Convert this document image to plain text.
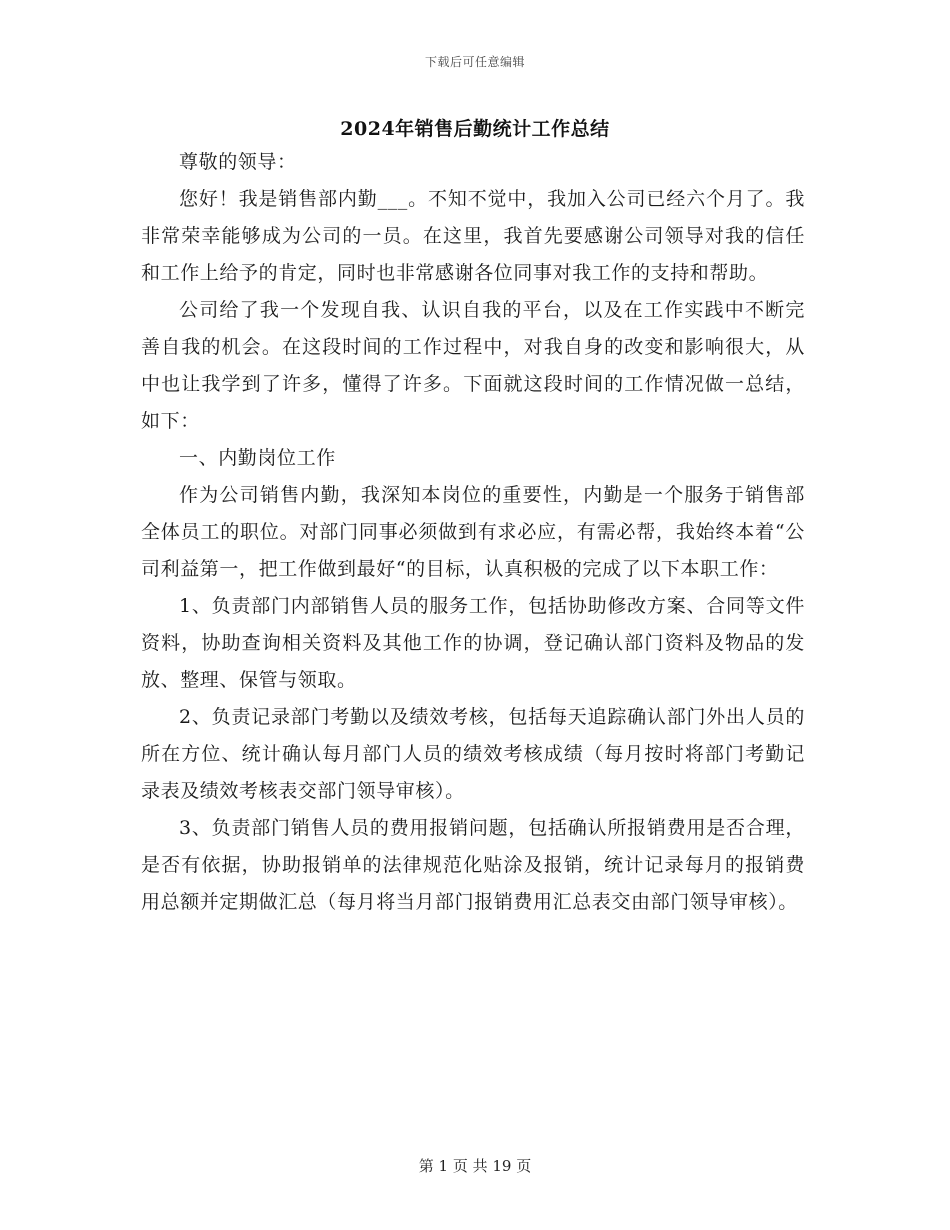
下载后可任意编辑
2024年销售后勤统计工作总结

尊敬的领导：

您好！我是销售部内勤___。不知不觉中，我加入公司已经六个月了。我非常荣幸能够成为公司的一员。在这里，我首先要感谢公司领导对我的信任和工作上给予的肯定，同时也非常感谢各位同事对我工作的支持和帮助。

公司给了我一个发现自我、认识自我的平台，以及在工作实践中不断完善自我的机会。在这段时间的工作过程中，对我自身的改变和影响很大，从中也让我学到了许多，懂得了许多。下面就这段时间的工作情况做一总结，如下：

一、内勤岗位工作

作为公司销售内勤，我深知本岗位的重要性，内勤是一个服务于销售部全体员工的职位。对部门同事必须做到有求必应，有需必帮，我始终本着“公司利益第一，把工作做到最好“的目标，认真积极的完成了以下本职工作：

1、负责部门内部销售人员的服务工作，包括协助修改方案、合同等文件资料，协助查询相关资料及其他工作的协调，登记确认部门资料及物品的发放、整理、保管与领取。

2、负责记录部门考勤以及绩效考核，包括每天追踪确认部门外出人员的所在方位、统计确认每月部门人员的绩效考核成绩（每月按时将部门考勤记录表及绩效考核表交部门领导审核）。

3、负责部门销售人员的费用报销问题，包括确认所报销费用是否合理，是否有依据，协助报销单的法律规范化贴涂及报销，统计记录每月的报销费用总额并定期做汇总（每月将当月部门报销费用汇总表交由部门领导审核）。

第 1 页 共 19 页
